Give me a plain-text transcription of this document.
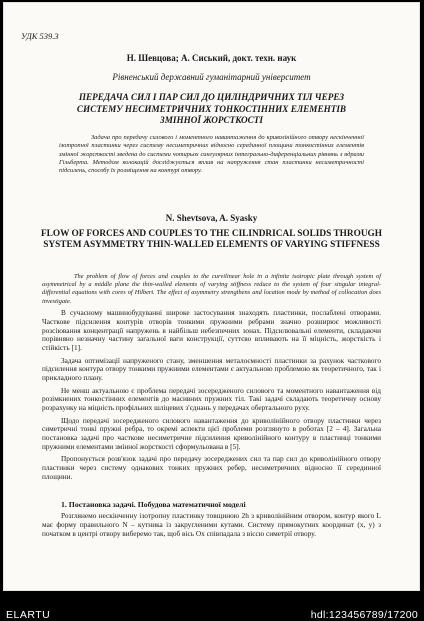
УДК 539.3
Н. Шевцова; А. Сиський, докт. техн. наук
Рівненський державний гуманітарний університет
ПЕРЕДАЧА СИЛ І ПАР СИЛ ДО ЦИЛІНДРИЧНИХ ТІЛ ЧЕРЕЗ СИСТЕМУ НЕСИМЕТРИЧНИХ ТОНКОСТІННИХ ЕЛЕМЕНТІВ ЗМІННОЇ ЖОРСТКОСТІ
Задача про передачу силового і моментного навантаження до криволінійного отвору нескінченної ізотропної пластинки через систему несиметричних відносно серединної площини тонкостінних елементів змінної жорсткості зведена до системи чотирьох сингулярних інтегрально-диференціальних рівнянь з ядрами Гільберта. Методом колокацій досліджується вплив на напруження стан пластинки несиметричності підсилень, способу їх розміщення на контурі отвору.
N. Shevtsova, A. Syasky
FLOW OF FORCES AND COUPLES TO THE CILINDRICAL SOLIDS THROUGH SYSTEM ASYMMETRY THIN-WALLED ELEMENTS OF VARYING STIFFNESS
The problem of flow of forces and couples to the curvilinear hole in a infinite isotropic plate through system of asymmetrical by a middle plane the thin-walled elements of varying stiffness reduce to the system of four singular integral-differential equations with cores of Hilbert. The effect of asymmetry strengthens and location mode by method of collocation does investigate.

В сучасному машинобудуванні широке застосування знаходять пластинки, послаблені отворами. Часткове підсилення контурів отворів тонкими пружними ребрами значно розширює можливості розсіювання концентрації напружень в найбільш небезпечних зонах. Підсилювальні елементи, складаючи порівняно незначну частину загальної ваги конструкції, суттєво впливають на її міцність, жорсткість і стійкість [1].

Задача оптимізації напруженого стану, зменшення металоємності пластинки за рахунок часткового підсилення контура отвору тонкими пружними елементами є актуальною проблемою як теоретичного, так і прикладного плану.

Не менш актуальною є проблема передачі зосередженого силового та моментного навантаження від розімкнених тонкостінних елементів до масивних пружних тіл. Такі задачі складають теоретичну основу розрахунку на міцність профільних шліцевих з'єднань у передачах обертального руху.

Щодо передачі зосередженого силового навантаження до криволінійного отвору пластинки через симетричні тонкі пружні ребра, то окремі аспекти цієї проблеми розглянуто в роботах [2 – 4]. Загальна постановка задачі про часткове несиметричне підсилення криволінійного контуру в пластинці тонкими пружними елементами змінної жорсткості сформульована в [5].

Пропонується розв'язок задачі про передачу зосереджених сил та пар сил до криволінійного отвору пластинки через систему однакових тонких пружних ребер, несиметричних відносно її серединної площини.

1. Постановка задачі. Побудова математичної моделі

Розглянемо нескінченну ізотропну пластинку товщиною 2h з криволінійним отвором, контур якого L має форму правильного N – кутника із закругленими кутами. Систему прямокутних координат (x, y) з початком в центрі отвору виберемо так, щоб вісь Ox співпадала з віссю симетрії отвору.

ELARTU	hdl:123456789/17200
